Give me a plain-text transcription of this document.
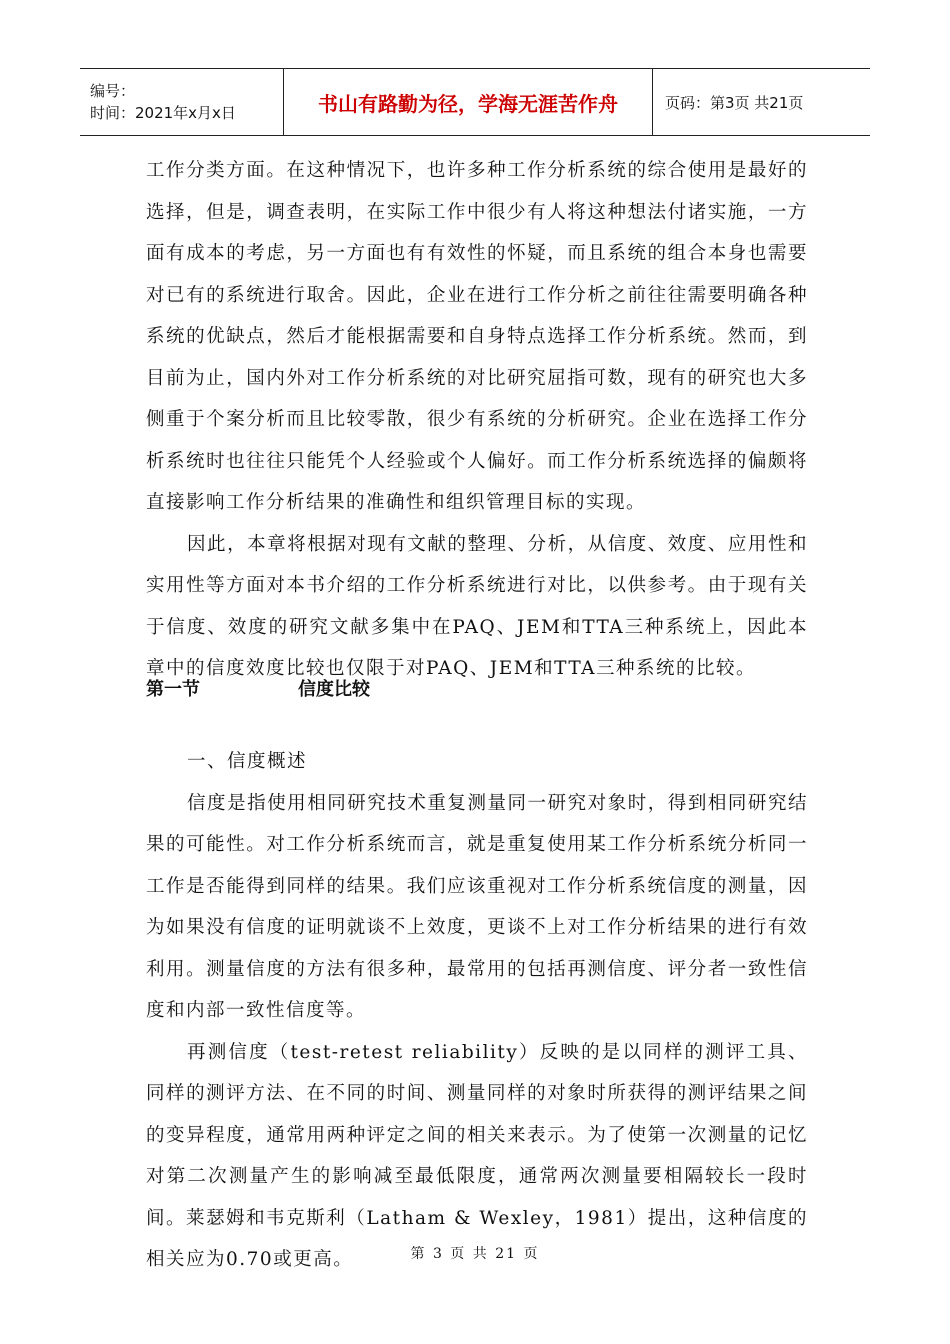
编号：
时间：2021年x月x日	书山有路勤为径，学海无涯苦作舟	页码：第3页 共21页

工作分类方面。在这种情况下，也许多种工作分析系统的综合使用是最好的选择，但是，调查表明，在实际工作中很少有人将这种想法付诸实施，一方面有成本的考虑，另一方面也有有效性的怀疑，而且系统的组合本身也需要对已有的系统进行取舍。因此，企业在进行工作分析之前往往需要明确各种系统的优缺点，然后才能根据需要和自身特点选择工作分析系统。然而，到目前为止，国内外对工作分析系统的对比研究屈指可数，现有的研究也大多侧重于个案分析而且比较零散，很少有系统的分析研究。企业在选择工作分析系统时也往往只能凭个人经验或个人偏好。而工作分析系统选择的偏颇将直接影响工作分析结果的准确性和组织管理目标的实现。

因此，本章将根据对现有文献的整理、分析，从信度、效度、应用性和实用性等方面对本书介绍的工作分析系统进行对比，以供参考。由于现有关于信度、效度的研究文献多集中在PAQ、JEM和TTA三种系统上，因此本章中的信度效度比较也仅限于对PAQ、JEM和TTA三种系统的比较。

第一节	信度比较

一、信度概述

信度是指使用相同研究技术重复测量同一研究对象时，得到相同研究结果的可能性。对工作分析系统而言，就是重复使用某工作分析系统分析同一工作是否能得到同样的结果。我们应该重视对工作分析系统信度的测量，因为如果没有信度的证明就谈不上效度，更谈不上对工作分析结果的进行有效利用。测量信度的方法有很多种，最常用的包括再测信度、评分者一致性信度和内部一致性信度等。

再测信度（test-retest reliability）反映的是以同样的测评工具、同样的测评方法、在不同的时间、测量同样的对象时所获得的测评结果之间的变异程度，通常用两种评定之间的相关来表示。为了使第一次测量的记忆对第二次测量产生的影响减至最低限度，通常两次测量要相隔较长一段时间。莱瑟姆和韦克斯利（Latham & Wexley，1981）提出，这种信度的相关应为0.70或更高。	第 3 页 共 21 页
